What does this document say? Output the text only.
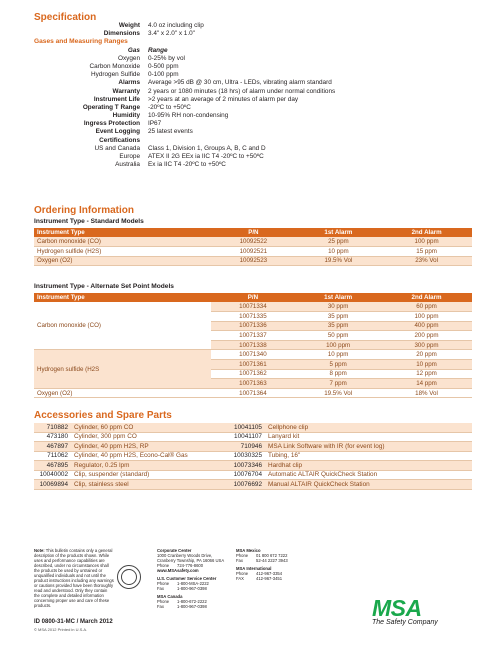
Specification
Weight	4.0 oz including clip
Dimensions	3.4" x 2.0" x 1.0"
Gases and Measuring Ranges
Gas	Range
Oxygen	0-25% by vol
Carbon Monoxide	0-500 ppm
Hydrogen Sulfide	0-100 ppm
Alarms	Average >95 dB @ 30 cm, Ultra - LEDs, vibrating alarm standard
Warranty	2 years or 1080 minutes (18 hrs) of alarm under normal conditions
Instrument Life	>2 years at an average of 2 minutes of alarm per day
Operating T Range	-20ºC to +50ºC
Humidity	10-95% RH non-condensing
Ingress Protection	IP67
Event Logging	25 latest events
Certifications
US and Canada	Class 1, Division 1, Groups A, B, C and D
Europe	ATEX II 2G EEx ia IIC T4 -20ºC to +50ºC
Australia	Ex ia IIC T4 -20ºC to +50ºC
Ordering Information
Instrument Type - Standard Models
Instrument Type	P/N	1st Alarm	2nd Alarm
Carbon monoxide (CO)	10092522	25 ppm	100 ppm
Hydrogen sulfide (H2S)	10092521	10 ppm	15 ppm
Oxygen (O2)	10092523	19.5% Vol	23% Vol
Instrument Type - Alternate Set Point Models
Instrument Type	P/N	1st Alarm	2nd Alarm
Carbon monoxide (CO)	10071334	30 ppm	60 ppm
	10071335	35 ppm	100 ppm
	10071336	35 ppm	400 ppm
	10071337	50 ppm	200 ppm
	10071338	100 ppm	300 ppm
Hydrogen sulfide (H2S	10071340	10 ppm	20 ppm
	10071361	5 ppm	10 ppm
	10071362	8 ppm	12 ppm
	10071363	7 ppm	14 ppm
Oxygen (O2)	10071364	19.5% Vol	18% Vol
Accessories and Spare Parts
710882 Cylinder, 60 ppm CO
473180 Cylinder, 300 ppm CO
467897 Cylinder, 40 ppm H2S, RP
711062 Cylinder, 40 ppm H2S, Econo-Cal® Gas
467895 Regulator, 0.25 lpm
10040002 Clip, suspender (standard)
10069894 Clip, stainless steel
10041105 Cellphone clip
10041107 Lanyard kit
710946 MSA Link Software with IR (for event log)
10030325 Tubing, 16"
10073346 Hardhat clip
10076704 Automatic ALTAIR QuickCheck Station
10076692 Manual ALTAIR QuickCheck Station
Note: This bulletin contains only a general description of the products shown. While uses and performance capabilities are described, under no circumstances shall the products be used by untrained or unqualified individuals and not until the product instructions including any warnings or cautions provided have been thoroughly read and understood. Only they contain the complete and detailed information concerning proper use and care of these products.
ID 0800-31-MC / March 2012
© MSA 2012 Printed in U.S.A.
Corporate Center
1000 Cranberry Woods Drive,
Cranberry Township, PA 16066 USA
Phone	724-776-8600
www.MSAsafety.com
U.S. Customer Service Center
Phone	1-800-MSA-2222
Fax	1-800-967-0398
MSA Canada
Phone	1-800-672-2222
Fax	1-800-967-0398
MSA Mexico
Phone	01 800 672 7222
Fax	52-44 2227 3943
MSA International
Phone	412-967-3354
FAX	412-967-3451
MSA
The Safety Company
